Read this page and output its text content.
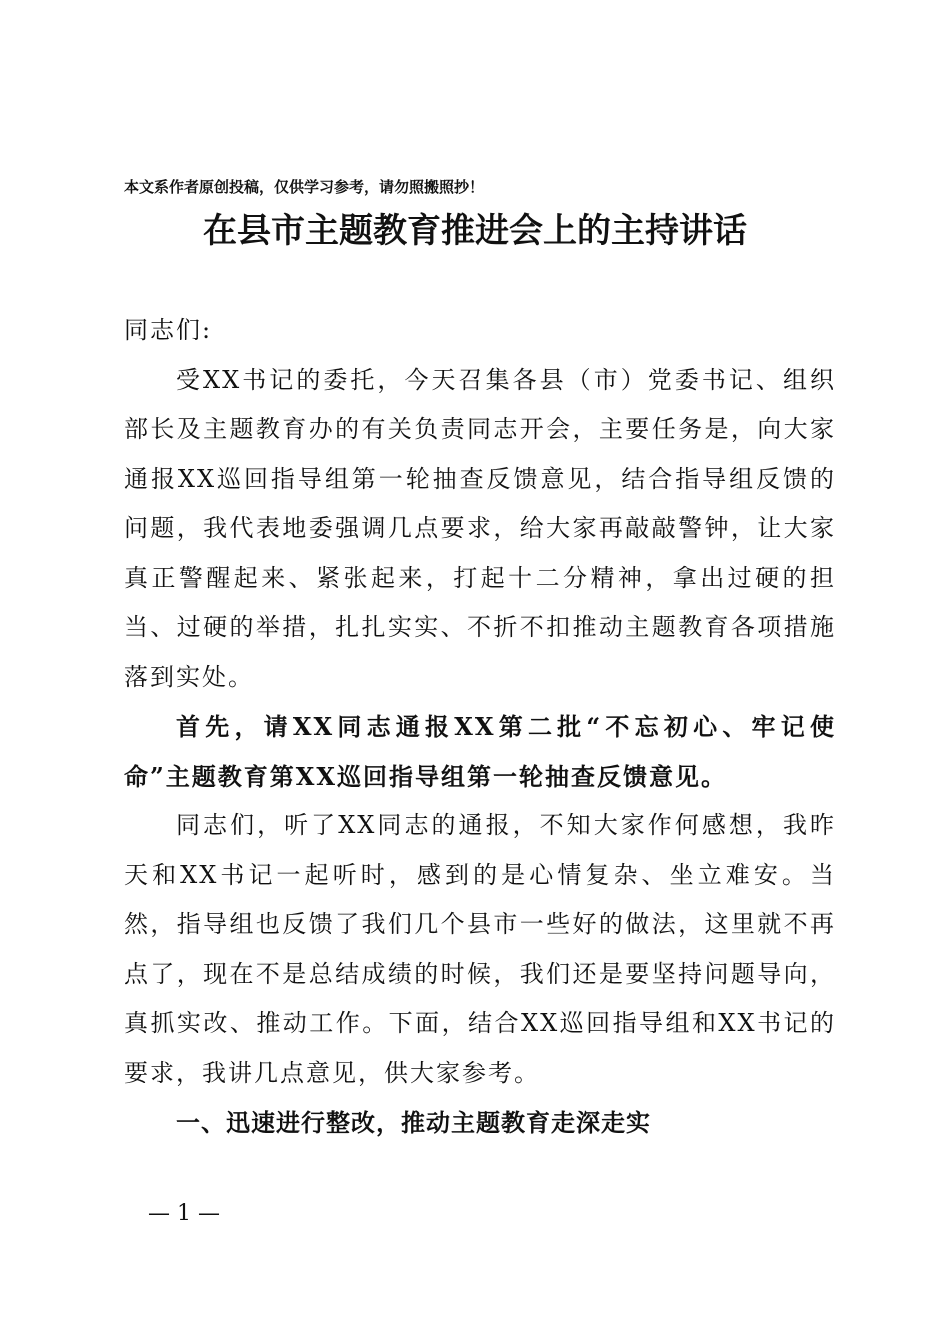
本文系作者原创投稿，仅供学习参考，请勿照搬照抄！
在县市主题教育推进会上的主持讲话

同志们:

受XX书记的委托，今天召集各县（市）党委书记、组织部长及主题教育办的有关负责同志开会，主要任务是，向大家通报XX巡回指导组第一轮抽查反馈意见，结合指导组反馈的问题，我代表地委强调几点要求，给大家再敲敲警钟，让大家真正警醒起来、紧张起来，打起十二分精神，拿出过硬的担当、过硬的举措，扎扎实实、不折不扣推动主题教育各项措施落到实处。

首先，请XX同志通报XX第二批“不忘初心、牢记使命”主题教育第XX巡回指导组第一轮抽查反馈意见。

同志们，听了XX同志的通报，不知大家作何感想，我昨天和XX书记一起听时，感到的是心情复杂、坐立难安。当然，指导组也反馈了我们几个县市一些好的做法，这里就不再点了，现在不是总结成绩的时候，我们还是要坚持问题导向，真抓实改、推动工作。下面，结合XX巡回指导组和XX书记的要求，我讲几点意见，供大家参考。

一、迅速进行整改，推动主题教育走深走实

— 1 —
